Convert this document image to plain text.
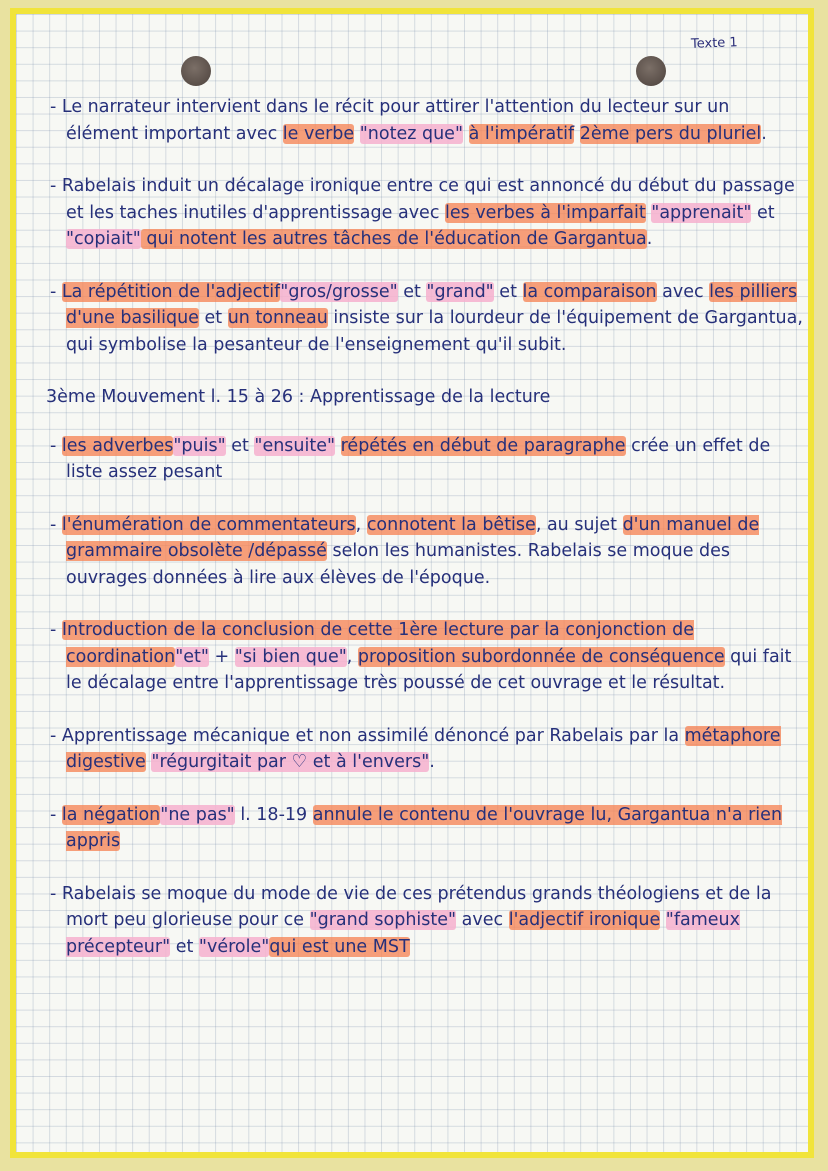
Texte 1

- Le narrateur intervient dans le récit pour attirer l'attention du lecteur sur un élément important avec le verbe "notez que" à l'impératif 2ème pers du pluriel.

- Rabelais induit un décalage ironique entre ce qui est annoncé du début du passage et les taches inutiles d'apprentissage avec les verbes à l'imparfait "apprenait" et "copiait" qui notent les autres tâches de l'éducation de Gargantua.

- La répétition de l'adjectif"gros/grosse" et "grand" et la comparaison avec les pilliers d'une basilique et un tonneau insiste sur la lourdeur de l'équipement de Gargantua, qui symbolise la pesanteur de l'enseignement qu'il subit.

3ème Mouvement l. 15 à 26 : Apprentissage de la lecture

- les adverbes"puis" et "ensuite" répétés en début de paragraphe crée un effet de liste assez pesant

- l'énumération de commentateurs, connotent la bêtise, au sujet d'un manuel de grammaire obsolète /dépassé selon les humanistes. Rabelais se moque des ouvrages données à lire aux élèves de l'époque.

- Introduction de la conclusion de cette 1ère lecture par la conjonction de coordination"et" + "si bien que", proposition subordonnée de conséquence qui fait le décalage entre l'apprentissage très poussé de cet ouvrage et le résultat.

- Apprentissage mécanique et non assimilé dénoncé par Rabelais par la métaphore digestive "régurgitait par ♡ et à l'envers".

- la négation"ne pas" l. 18-19 annule le contenu de l'ouvrage lu, Gargantua n'a rien appris

- Rabelais se moque du mode de vie de ces prétendus grands théologiens et de la mort peu glorieuse pour ce "grand sophiste" avec l'adjectif ironique "fameux précepteur" et "vérole"qui est une MST
